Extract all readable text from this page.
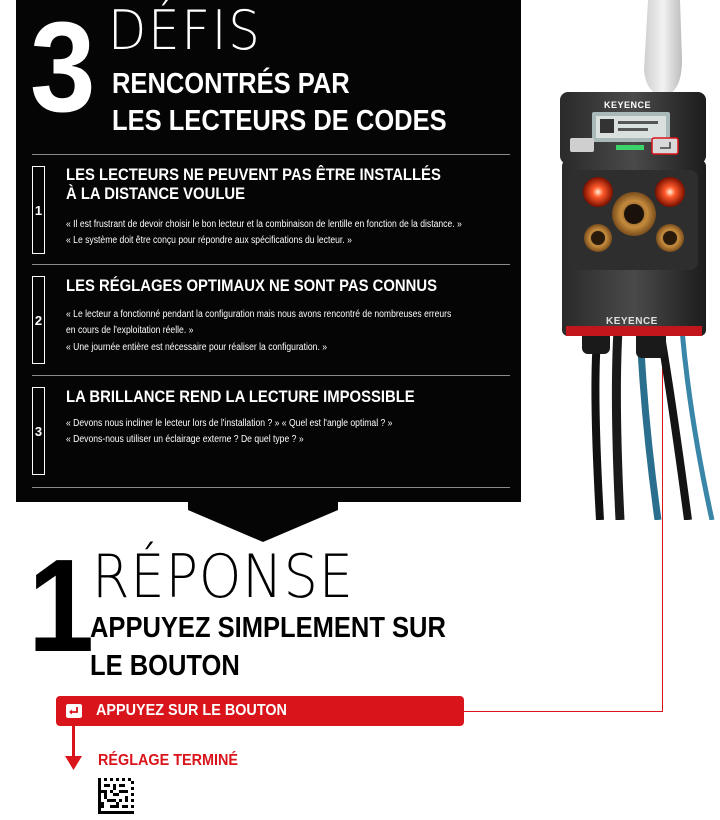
3 DÉFIS
RENCONTRÉS PAR
LES LECTEURS DE CODES
1
LES LECTEURS NE PEUVENT PAS ÊTRE INSTALLÉS
À LA DISTANCE VOULUE
« Il est frustrant de devoir choisir le bon lecteur et la combinaison de lentille en fonction de la distance. »
« Le système doit être conçu pour répondre aux spécifications du lecteur. »
2
LES RÉGLAGES OPTIMAUX NE SONT PAS CONNUS
« Le lecteur a fonctionné pendant la configuration mais nous avons rencontré de nombreuses erreurs
en cours de l'exploitation réelle. »
« Une journée entière est nécessaire pour réaliser la configuration. »
3
LA BRILLANCE REND LA LECTURE IMPOSSIBLE
« Devons nous incliner le lecteur lors de l'installation ? » « Quel est l'angle optimal ? »
« Devons-nous utiliser un éclairage externe ? De quel type ? »
1
RÉPONSE
APPUYEZ SIMPLEMENT SUR
LE BOUTON
APPUYEZ SUR LE BOUTON
RÉGLAGE TERMINÉ
KEYENCE
KEYENCE
